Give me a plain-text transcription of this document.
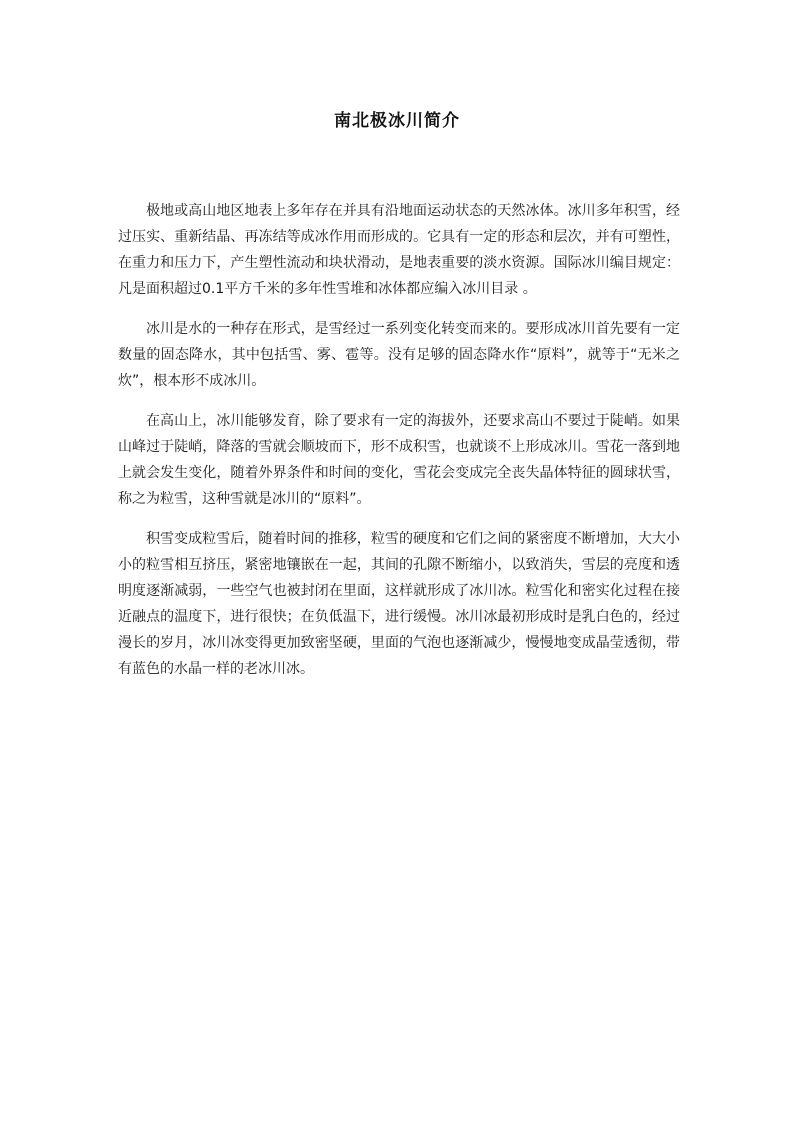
南北极冰川简介

极地或高山地区地表上多年存在并具有沿地面运动状态的天然冰体。冰川多年积雪，经过压实、重新结晶、再冻结等成冰作用而形成的。它具有一定的形态和层次，并有可塑性，在重力和压力下，产生塑性流动和块状滑动，是地表重要的淡水资源。国际冰川编目规定：凡是面积超过0.1平方千米的多年性雪堆和冰体都应编入冰川目录 。

冰川是水的一种存在形式，是雪经过一系列变化转变而来的。要形成冰川首先要有一定数量的固态降水，其中包括雪、雾、雹等。没有足够的固态降水作“原料”，就等于“无米之炊”，根本形不成冰川。

在高山上，冰川能够发育，除了要求有一定的海拔外，还要求高山不要过于陡峭。如果山峰过于陡峭，降落的雪就会顺坡而下，形不成积雪，也就谈不上形成冰川。雪花一落到地上就会发生变化，随着外界条件和时间的变化，雪花会变成完全丧失晶体特征的圆球状雪，称之为粒雪，这种雪就是冰川的“原料”。

积雪变成粒雪后，随着时间的推移，粒雪的硬度和它们之间的紧密度不断增加，大大小小的粒雪相互挤压，紧密地镶嵌在一起，其间的孔隙不断缩小，以致消失，雪层的亮度和透明度逐渐减弱，一些空气也被封闭在里面，这样就形成了冰川冰。粒雪化和密实化过程在接近融点的温度下，进行很快；在负低温下，进行缓慢。冰川冰最初形成时是乳白色的，经过漫长的岁月，冰川冰变得更加致密坚硬，里面的气泡也逐渐减少，慢慢地变成晶莹透彻，带有蓝色的水晶一样的老冰川冰。
